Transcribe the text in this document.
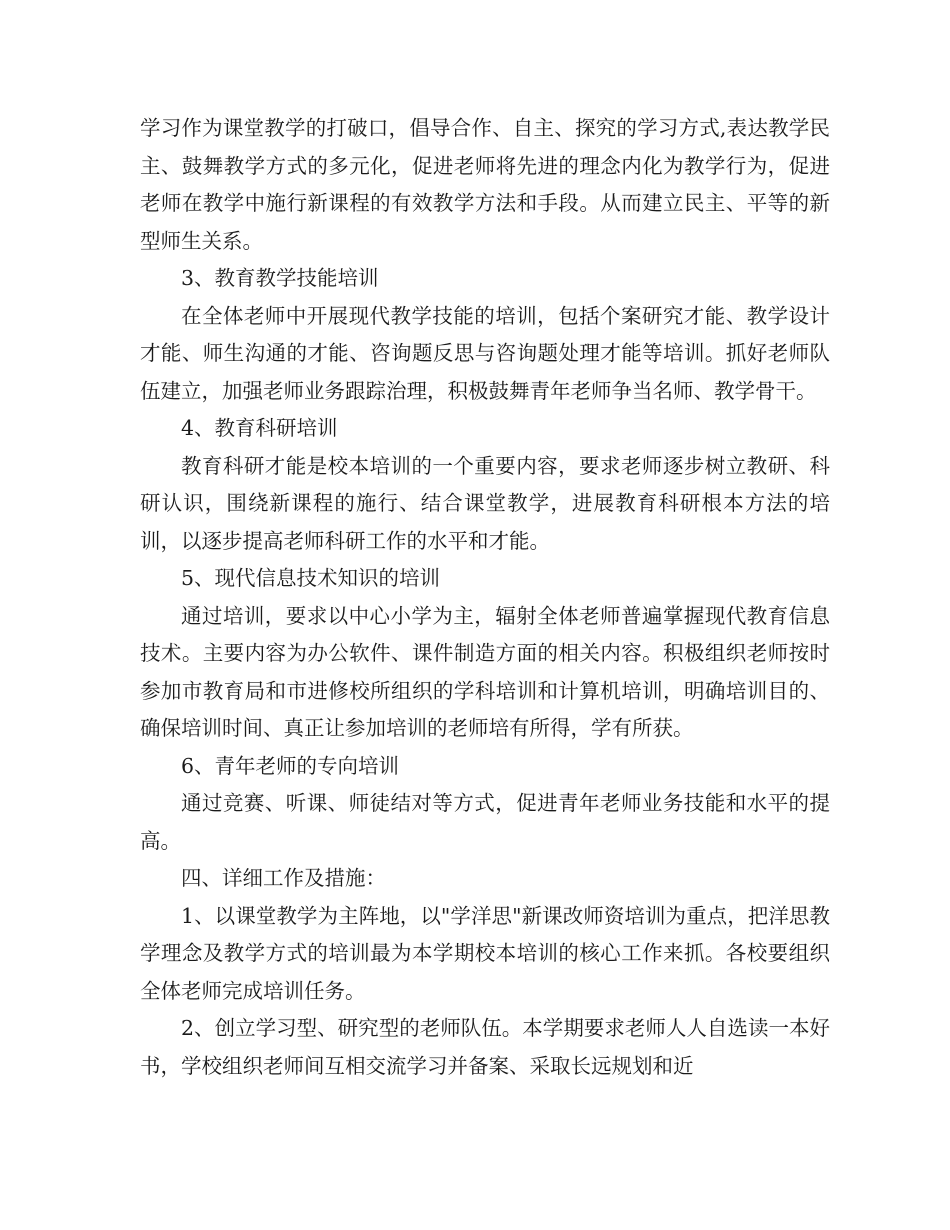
学习作为课堂教学的打破口，倡导合作、自主、探究的学习方式,表达教学民主、鼓舞教学方式的多元化，促进老师将先进的理念内化为教学行为，促进老师在教学中施行新课程的有效教学方法和手段。从而建立民主、平等的新型师生关系。

3、教育教学技能培训

在全体老师中开展现代教学技能的培训，包括个案研究才能、教学设计才能、师生沟通的才能、咨询题反思与咨询题处理才能等培训。抓好老师队伍建立，加强老师业务跟踪治理，积极鼓舞青年老师争当名师、教学骨干。

4、教育科研培训

教育科研才能是校本培训的一个重要内容，要求老师逐步树立教研、科研认识，围绕新课程的施行、结合课堂教学，进展教育科研根本方法的培训，以逐步提高老师科研工作的水平和才能。

5、现代信息技术知识的培训

通过培训，要求以中心小学为主，辐射全体老师普遍掌握现代教育信息技术。主要内容为办公软件、课件制造方面的相关内容。积极组织老师按时参加市教育局和市进修校所组织的学科培训和计算机培训，明确培训目的、确保培训时间、真正让参加培训的老师培有所得，学有所获。

6、青年老师的专向培训

通过竞赛、听课、师徒结对等方式，促进青年老师业务技能和水平的提高。

四、详细工作及措施：

1、以课堂教学为主阵地，以"学洋思"新课改师资培训为重点，把洋思教学理念及教学方式的培训最为本学期校本培训的核心工作来抓。各校要组织全体老师完成培训任务。

2、创立学习型、研究型的老师队伍。本学期要求老师人人自选读一本好书，学校组织老师间互相交流学习并备案、采取长远规划和近
